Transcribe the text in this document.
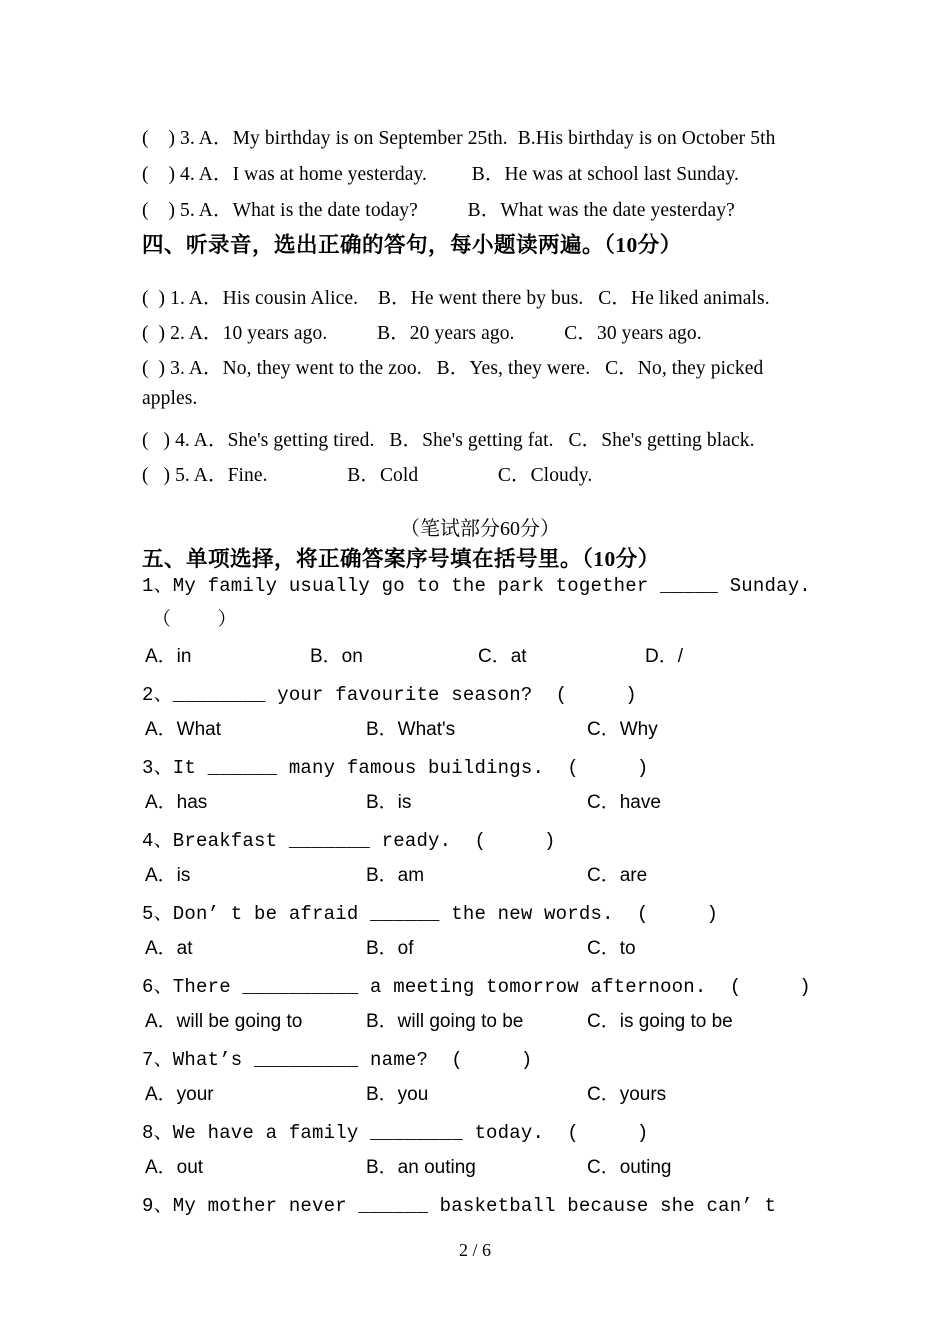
(    ) 3. A．My birthday is on September 25th.  B.His birthday is on October 5th
(    ) 4. A．I was at home yesterday.         B．He was at school last Sunday.
(    ) 5. A．What is the date today?          B．What was the date yesterday?
四、听录音，选出正确的答句，每小题读两遍。（10分）
(  ) 1. A．His cousin Alice.    B．He went there by bus.   C．He liked animals.
(  ) 2. A．10 years ago.          B．20 years ago.          C．30 years ago.
(  ) 3. A．No, they went to the zoo.   B．Yes, they were.   C．No, they picked
apples.
(   ) 4. A．She's getting tired.   B．She's getting fat.   C．She's getting black.
(   ) 5. A．Fine.                B．Cold                C．Cloudy.
（笔试部分60分）
五、单项选择，将正确答案序号填在括号里。（10分）
1、My family usually go to the park together _____ Sunday.
（    ）
A．in	B．on	C．at	D．/
2、________ your favourite season?  (     )
A．What	B．What's	C．Why
3、It ______ many famous buildings.  (     )
A．has	B．is	C．have
4、Breakfast _______ ready.  (     )
A．is	B．am	C．are
5、Don’ t be afraid ______ the new words.  (     )
A．at	B．of	C．to
6、There __________ a meeting tomorrow afternoon.  (     )
A．will be going to	B．will going to be	C．is going to be
7、What’s _________ name?  (     )
A．your	B．you	C．yours
8、We have a family ________ today.  (     )
A．out	B．an outing	C．outing
9、My mother never ______ basketball because she can’ t
2 / 6
